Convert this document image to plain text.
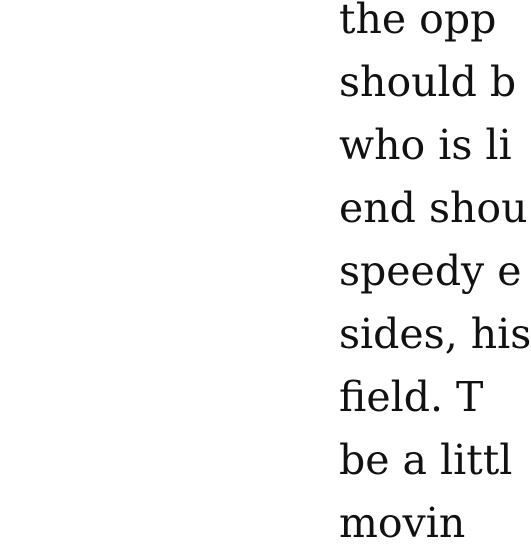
the opp
should b
who is li
end shou
speedy e
sides, his
field. T
be a littl
movin
